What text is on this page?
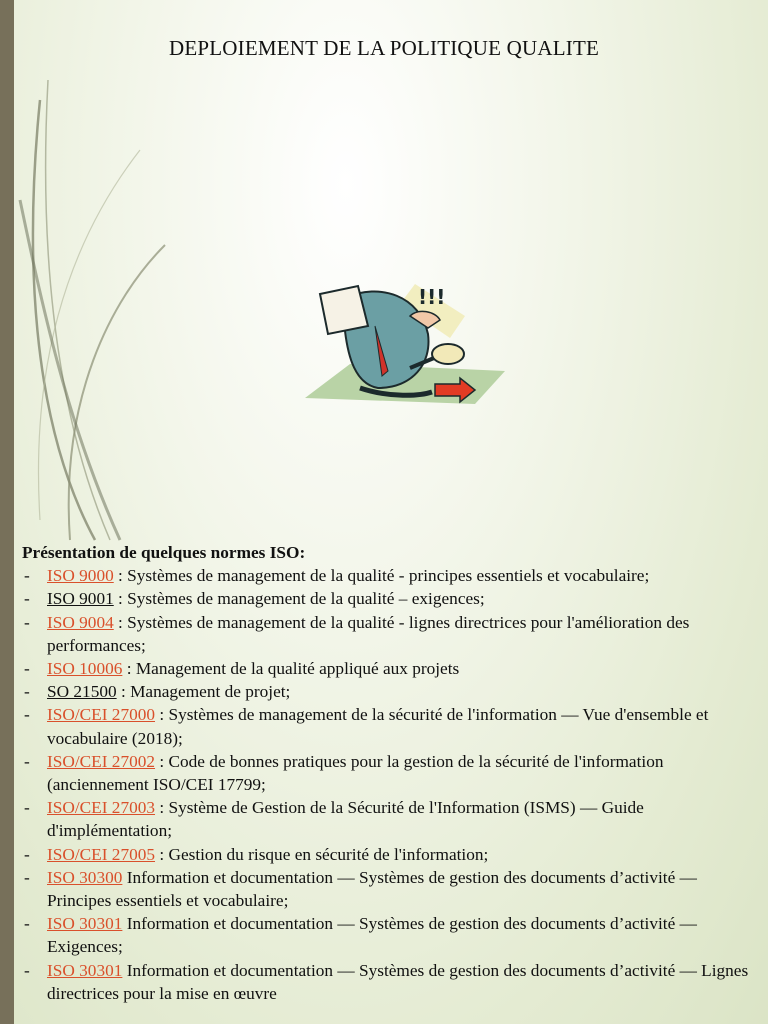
DEPLOIEMENT DE LA POLITIQUE QUALITE
!!!
Présentation de quelques normes ISO:
- ISO 9000 : Systèmes de management de la qualité - principes essentiels et vocabulaire;
- ISO 9001 : Systèmes de management de la qualité – exigences;
- ISO 9004 : Systèmes de management de la qualité - lignes directrices pour l'amélioration des performances;
- ISO 10006 : Management de la qualité appliqué aux projets
- SO 21500 : Management de projet;
- ISO/CEI 27000 : Systèmes de management de la sécurité de l'information — Vue d'ensemble et vocabulaire (2018);
- ISO/CEI 27002 : Code de bonnes pratiques pour la gestion de la sécurité de l'information (anciennement ISO/CEI 17799;
- ISO/CEI 27003 : Système de Gestion de la Sécurité de l'Information (ISMS) — Guide d'implémentation;
- ISO/CEI 27005 : Gestion du risque en sécurité de l'information;
- ISO 30300 Information et documentation — Systèmes de gestion des documents d’activité — Principes essentiels et vocabulaire;
- ISO 30301 Information et documentation — Systèmes de gestion des documents d’activité — Exigences;
- ISO 30301 Information et documentation — Systèmes de gestion des documents d’activité — Lignes directrices pour la mise en œuvre
